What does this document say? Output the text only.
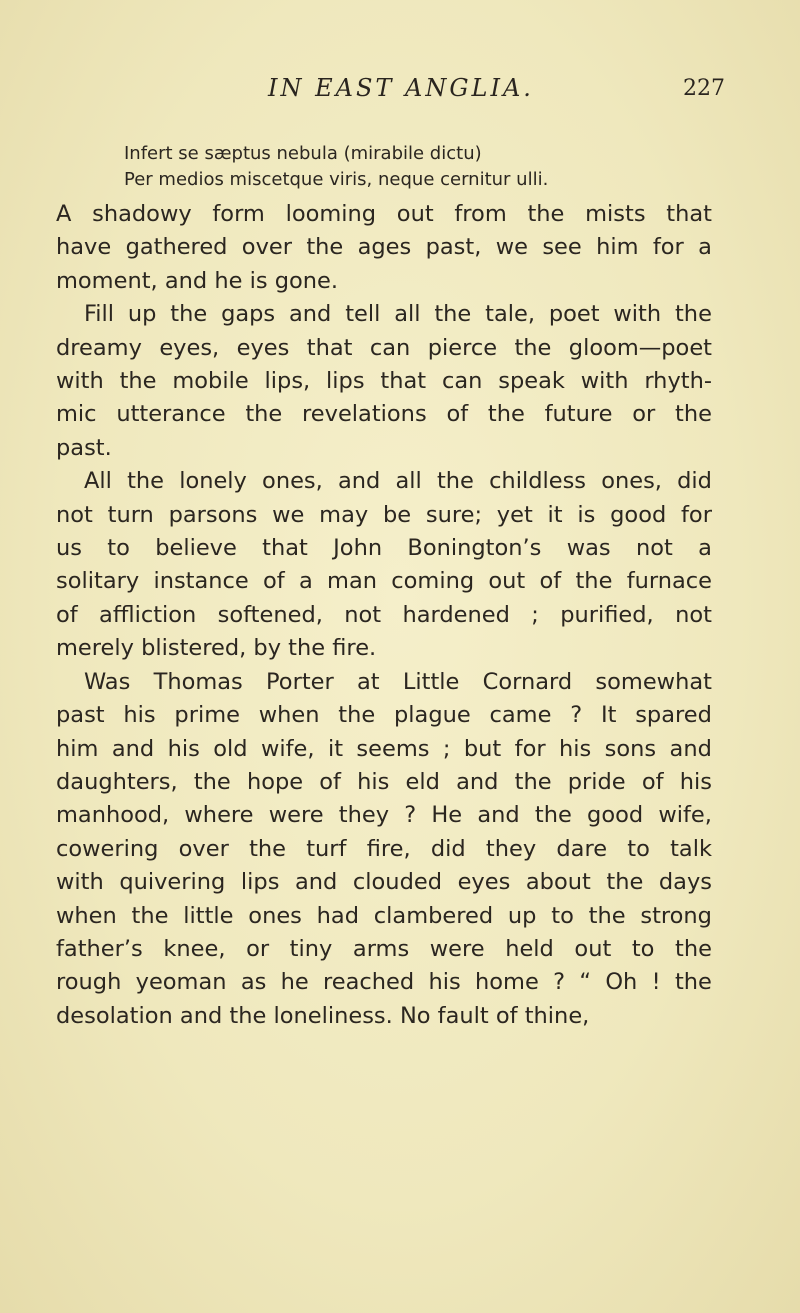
IN EAST ANGLIA.	227
Infert se sæptus nebula (mirabile dictu)
Per medios miscetque viris, neque cernitur ulli.
A shadowy form looming out from the mists that
have gathered over the ages past, we see him for a
moment, and he is gone.
Fill up the gaps and tell all the tale, poet with the
dreamy eyes, eyes that can pierce the gloom—poet
with the mobile lips, lips that can speak with rhyth-
mic utterance the revelations of the future or the
past.
All the lonely ones, and all the childless ones, did
not turn parsons we may be sure; yet it is good for
us to believe that John Bonington’s was not a
solitary instance of a man coming out of the furnace
of affliction softened, not hardened ; purified, not
merely blistered, by the fire.
Was Thomas Porter at Little Cornard somewhat
past his prime when the plague came ? It spared
him and his old wife, it seems ; but for his sons and
daughters, the hope of his eld and the pride of his
manhood, where were they ? He and the good wife,
cowering over the turf fire, did they dare to talk
with quivering lips and clouded eyes about the days
when the little ones had clambered up to the strong
father’s knee, or tiny arms were held out to the
rough yeoman as he reached his home ? “ Oh ! the
desolation and the loneliness. No fault of thine,
